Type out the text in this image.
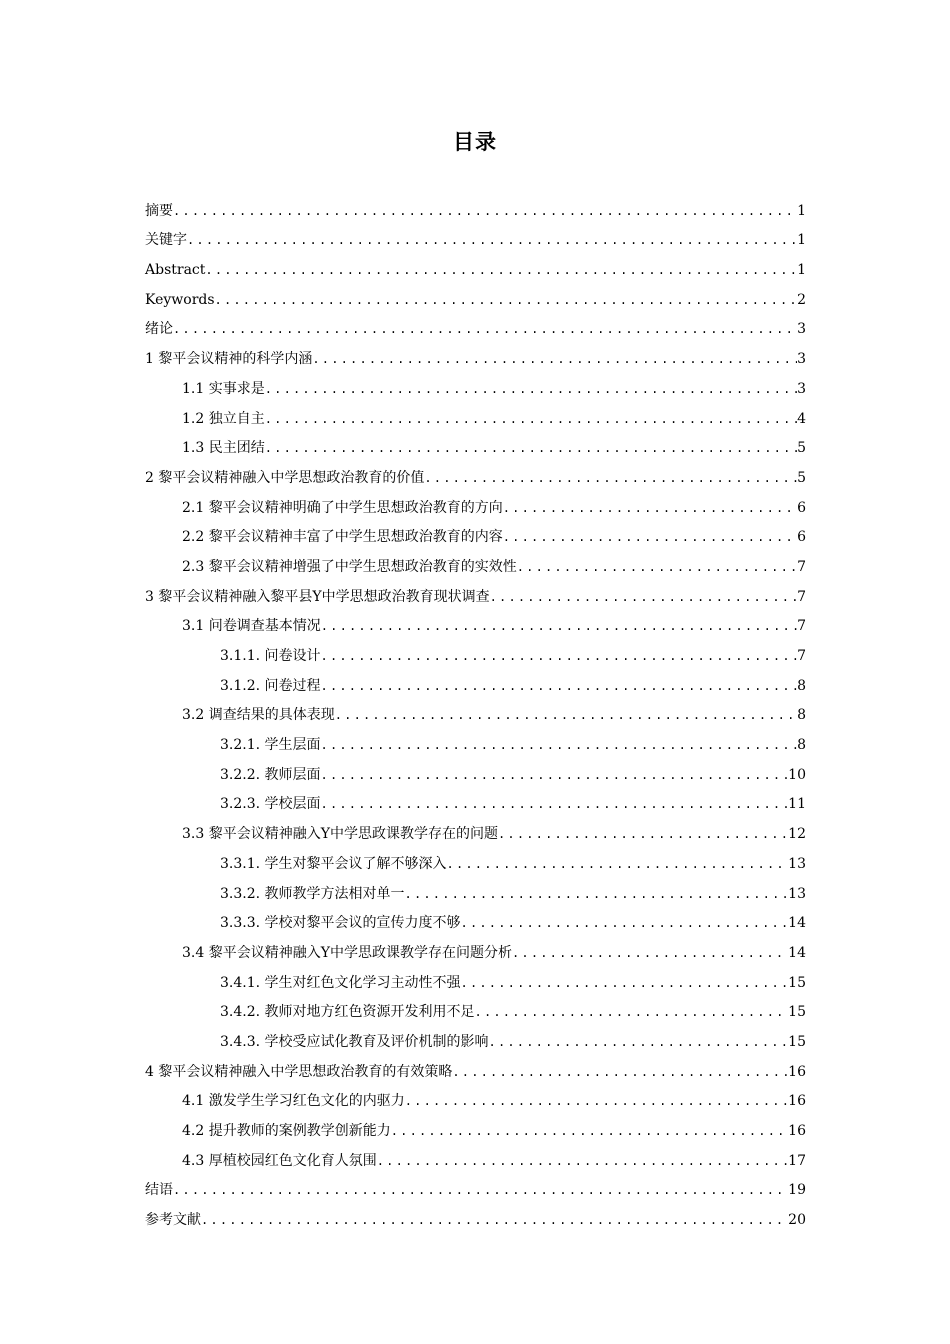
目录
摘要 .....	1
关键字 .....	1
Abstract .....	1
Keywords .....	2
绪论 .....	3
1 黎平会议精神的科学内涵 .....	3
1.1 实事求是 .....	3
1.2 独立自主 .....	4
1.3 民主团结 .....	5
2 黎平会议精神融入中学思想政治教育的价值 .....	5
2.1 黎平会议精神明确了中学生思想政治教育的方向 .....	6
2.2 黎平会议精神丰富了中学生思想政治教育的内容 .....	6
2.3 黎平会议精神增强了中学生思想政治教育的实效性 .....	7
3 黎平会议精神融入黎平县Y中学思想政治教育现状调查 .....	7
3.1 问卷调查基本情况 .....	7
3.1.1. 问卷设计 .....	7
3.1.2. 问卷过程 .....	8
3.2 调查结果的具体表现 .....	8
3.2.1. 学生层面 .....	8
3.2.2. 教师层面 .....	10
3.2.3. 学校层面 .....	11
3.3 黎平会议精神融入Y中学思政课教学存在的问题 .....	12
3.3.1. 学生对黎平会议了解不够深入 .....	13
3.3.2. 教师教学方法相对单一 .....	13
3.3.3. 学校对黎平会议的宣传力度不够 .....	14
3.4 黎平会议精神融入Y中学思政课教学存在问题分析 .....	14
3.4.1. 学生对红色文化学习主动性不强 .....	15
3.4.2. 教师对地方红色资源开发利用不足 .....	15
3.4.3. 学校受应试化教育及评价机制的影响 .....	15
4 黎平会议精神融入中学思想政治教育的有效策略 .....	16
4.1 激发学生学习红色文化的内驱力 .....	16
4.2 提升教师的案例教学创新能力 .....	16
4.3 厚植校园红色文化育人氛围 .....	17
结语 .....	19
参考文献 .....	20
